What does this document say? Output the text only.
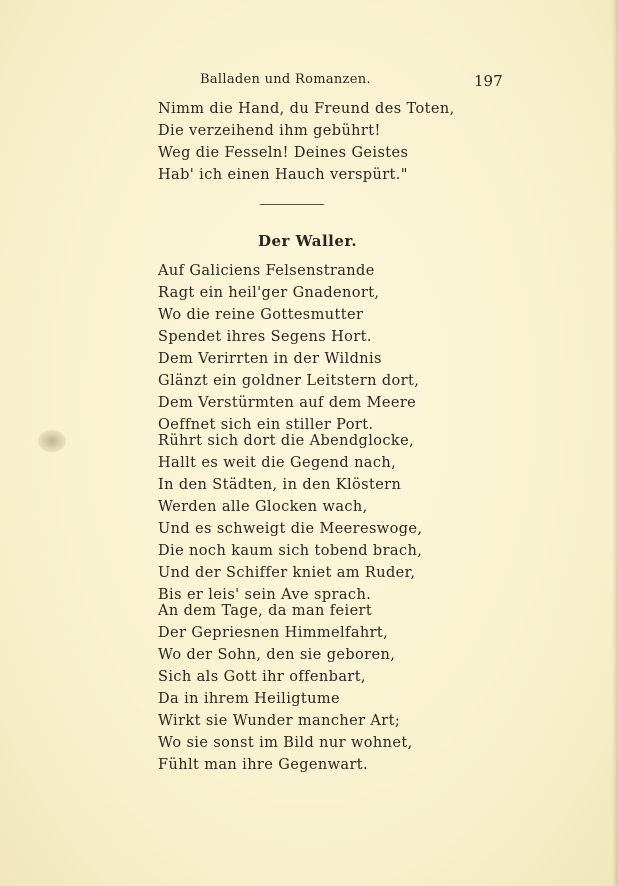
Balladen und Romanzen.	197
Nimm die Hand, du Freund des Toten,
Die verzeihend ihm gebührt!
Weg die Fesseln! Deines Geistes
Hab' ich einen Hauch verspürt."
Der Waller.
Auf Galiciens Felsenstrande
Ragt ein heil'ger Gnadenort,
Wo die reine Gottesmutter
Spendet ihres Segens Hort.
Dem Verirrten in der Wildnis
Glänzt ein goldner Leitstern dort,
Dem Verstürmten auf dem Meere
Oeffnet sich ein stiller Port.
Rührt sich dort die Abendglocke,
Hallt es weit die Gegend nach,
In den Städten, in den Klöstern
Werden alle Glocken wach,
Und es schweigt die Meereswoge,
Die noch kaum sich tobend brach,
Und der Schiffer kniet am Ruder,
Bis er leis' sein Ave sprach.
An dem Tage, da man feiert
Der Gepriesnen Himmelfahrt,
Wo der Sohn, den sie geboren,
Sich als Gott ihr offenbart,
Da in ihrem Heiligtume
Wirkt sie Wunder mancher Art;
Wo sie sonst im Bild nur wohnet,
Fühlt man ihre Gegenwart.
